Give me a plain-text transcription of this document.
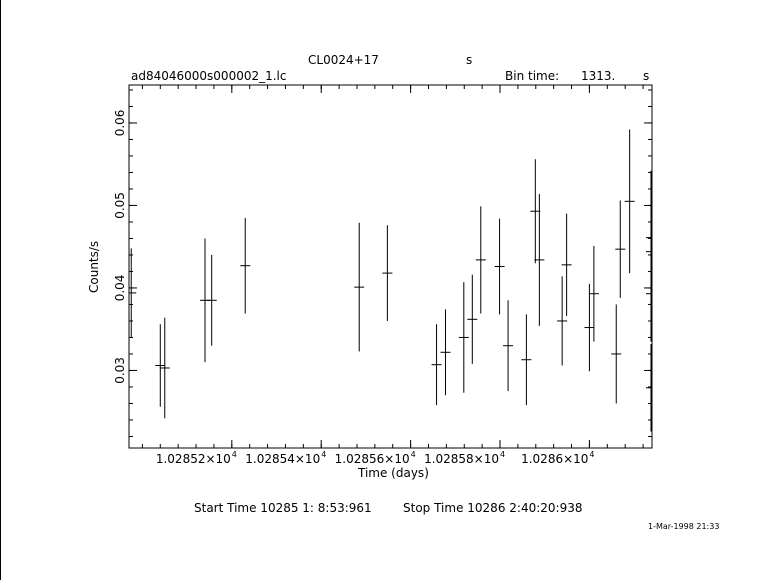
CL0024+17	s
ad84046000s000002_1.lc	Bin time: 1313. s
1.02852×10 4 1.02854×10 4 1.02856×10 4 1.02858×10 4 1.0286×10 4
0.03
0.04
0.05
0.06
Time (days)
Counts/s
Start Time 10285 1: 8:53:961	Stop Time 10286 2:40:20:938
1-Mar-1998 21:33
